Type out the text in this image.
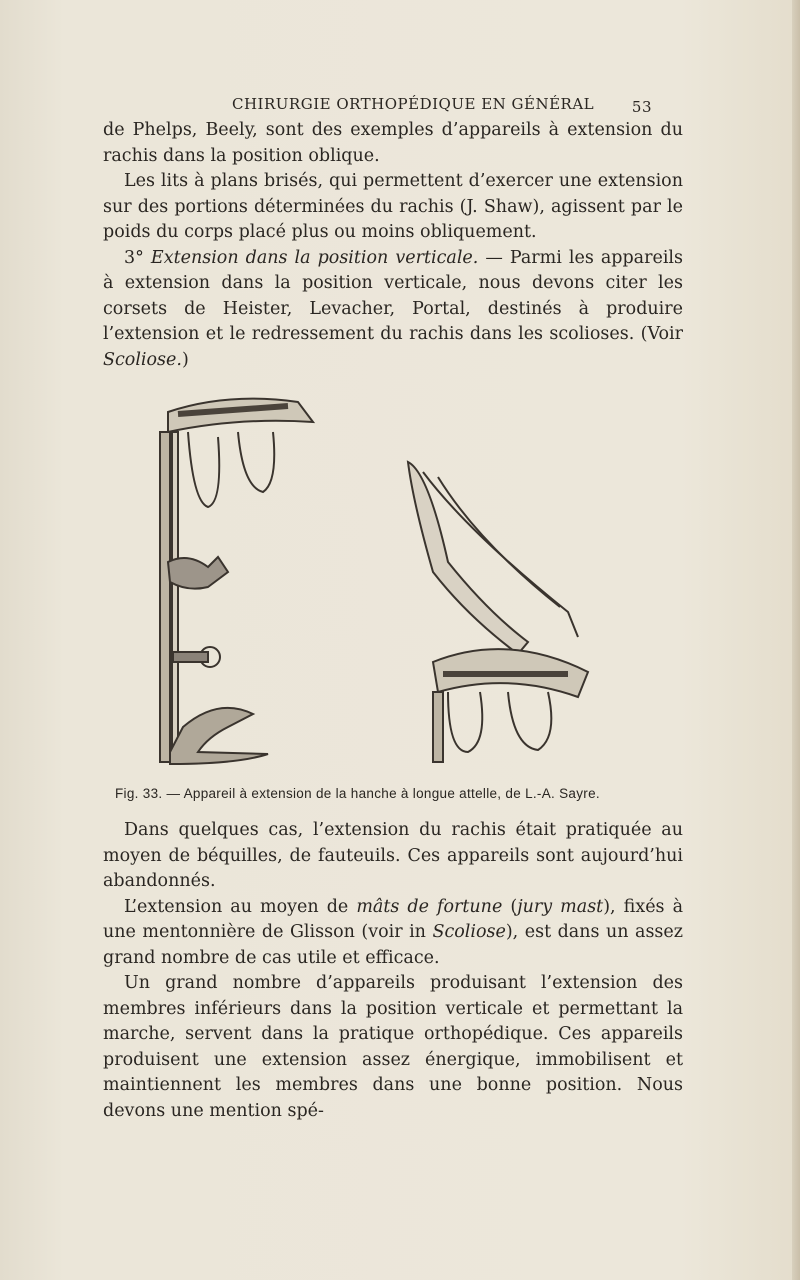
CHIRURGIE ORTHOPÉDIQUE EN GÉNÉRAL	53

de Phelps, Beely, sont des exemples d’appareils à extension du rachis dans la position oblique.

Les lits à plans brisés, qui permettent d’exercer une extension sur des portions déterminées du rachis (J. Shaw), agissent par le poids du corps placé plus ou moins obliquement.

3° Extension dans la position verticale. — Parmi les appareils à extension dans la position verticale, nous devons citer les corsets de Heister, Levacher, Portal, destinés à produire l’extension et le redressement du rachis dans les scolioses. (Voir Scoliose.)

Fig. 33. — Appareil à extension de la hanche à longue attelle, de L.-A. Sayre.

Dans quelques cas, l’extension du rachis était pratiquée au moyen de béquilles, de fauteuils. Ces appareils sont aujourd’hui abandonnés.

L’extension au moyen de mâts de fortune (jury mast), fixés à une mentonnière de Glisson (voir in Scoliose), est dans un assez grand nombre de cas utile et efficace.

Un grand nombre d’appareils produisant l’extension des membres inférieurs dans la position verticale et permettant la marche, servent dans la pratique orthopédique. Ces appareils produisent une extension assez énergique, immobilisent et maintiennent les membres dans une bonne position. Nous devons une mention spé-
